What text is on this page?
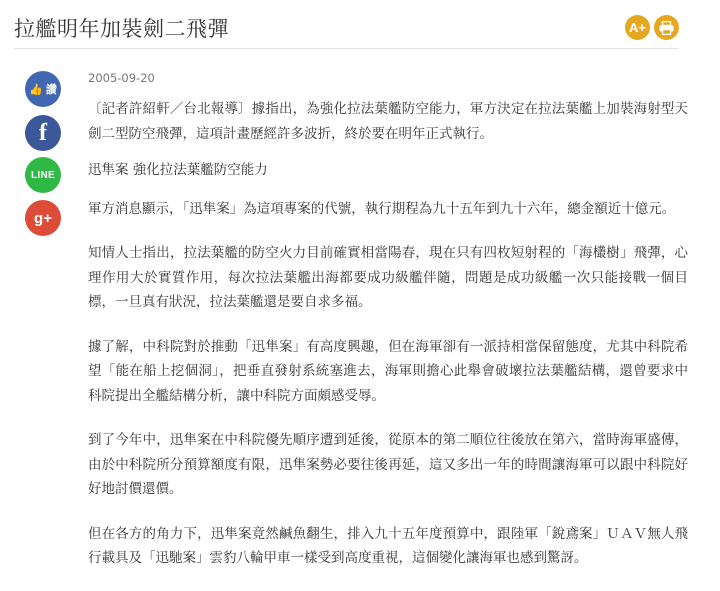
拉艦明年加裝劍二飛彈	A+
👍 讚
f
LINE
g+
2005-09-20

〔記者許紹軒／台北報導〕據指出，為強化拉法葉艦防空能力，軍方決定在拉法葉艦上加裝海射型天劍二型防空飛彈，這項計畫歷經許多波折，終於要在明年正式執行。

迅隼案 強化拉法葉艦防空能力

軍方消息顯示，「迅隼案」為這項專案的代號，執行期程為九十五年到九十六年，總金額近十億元。

知情人士指出，拉法葉艦的防空火力目前確實相當陽春，現在只有四枚短射程的「海欉樹」飛彈，心理作用大於實質作用，每次拉法葉艦出海都要成功級艦伴隨，問題是成功級艦一次只能接戰一個目標，一旦真有狀況，拉法葉艦還是要自求多福。

據了解，中科院對於推動「迅隼案」有高度興趣，但在海軍卻有一派持相當保留態度，尤其中科院希望「能在船上挖個洞」，把垂直發射系統塞進去，海軍則擔心此舉會破壞拉法葉艦結構，還曾要求中科院提出全艦結構分析，讓中科院方面頗感受辱。

到了今年中，迅隼案在中科院優先順序遭到延後，從原本的第二順位往後放在第六，當時海軍盛傳，由於中科院所分預算額度有限，迅隼案勢必要往後再延，這又多出一年的時間讓海軍可以跟中科院好好地討價還價。

但在各方的角力下，迅隼案竟然鹹魚翻生，排入九十五年度預算中，跟陸軍「銳鳶案」ＵＡＶ無人飛行載具及「迅馳案」雲豹八輪甲車一樣受到高度重視，這個變化讓海軍也感到驚訝。
